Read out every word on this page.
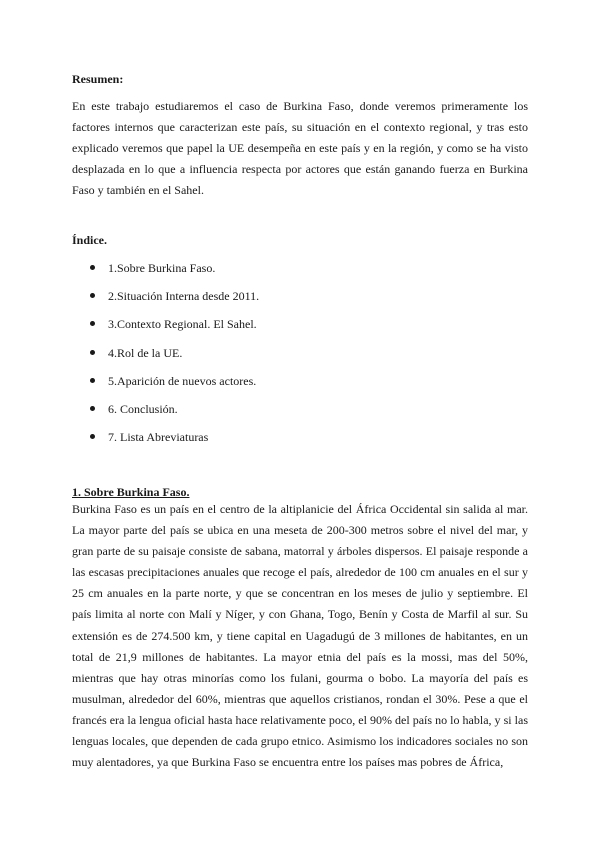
Resumen:
En este trabajo estudiaremos el caso de Burkina Faso, donde veremos primeramente los factores internos que caracterizan este país, su situación en el contexto regional, y tras esto explicado veremos que papel la UE desempeña en este país y en la región, y como se ha visto desplazada en lo que a influencia respecta por actores que están ganando fuerza en Burkina Faso y también en el Sahel.
Índice.
1.Sobre Burkina Faso.
2.Situación Interna desde 2011.
3.Contexto Regional. El Sahel.
4.Rol de la UE.
5.Aparición de nuevos actores.
6. Conclusión.
7. Lista Abreviaturas
1. Sobre Burkina Faso.
Burkina Faso es un país en el centro de la altiplanicie del África Occidental sin salida al mar. La mayor parte del país se ubica en una meseta de 200-300 metros sobre el nivel del mar, y gran parte de su paisaje consiste de sabana, matorral y árboles dispersos. El paisaje responde a las escasas precipitaciones anuales que recoge el país, alrededor de 100 cm anuales en el sur y 25 cm anuales en la parte norte, y que se concentran en los meses de julio y septiembre. El país limita al norte con Malí y Níger, y con Ghana, Togo, Benín y Costa de Marfil al sur. Su extensión es de 274.500 km, y tiene capital en Uagadugú de 3 millones de habitantes, en un total de 21,9 millones de habitantes. La mayor etnia del país es la mossi, mas del 50%, mientras que hay otras minorías como los fulani, gourma o bobo. La mayoría del país es musulman, alrededor del 60%, mientras que aquellos cristianos, rondan el 30%. Pese a que el francés era la lengua oficial hasta hace relativamente poco, el 90% del país no lo habla, y si las lenguas locales, que dependen de cada grupo etnico. Asimismo los indicadores sociales no son muy alentadores, ya que Burkina Faso se encuentra entre los países mas pobres de África,
